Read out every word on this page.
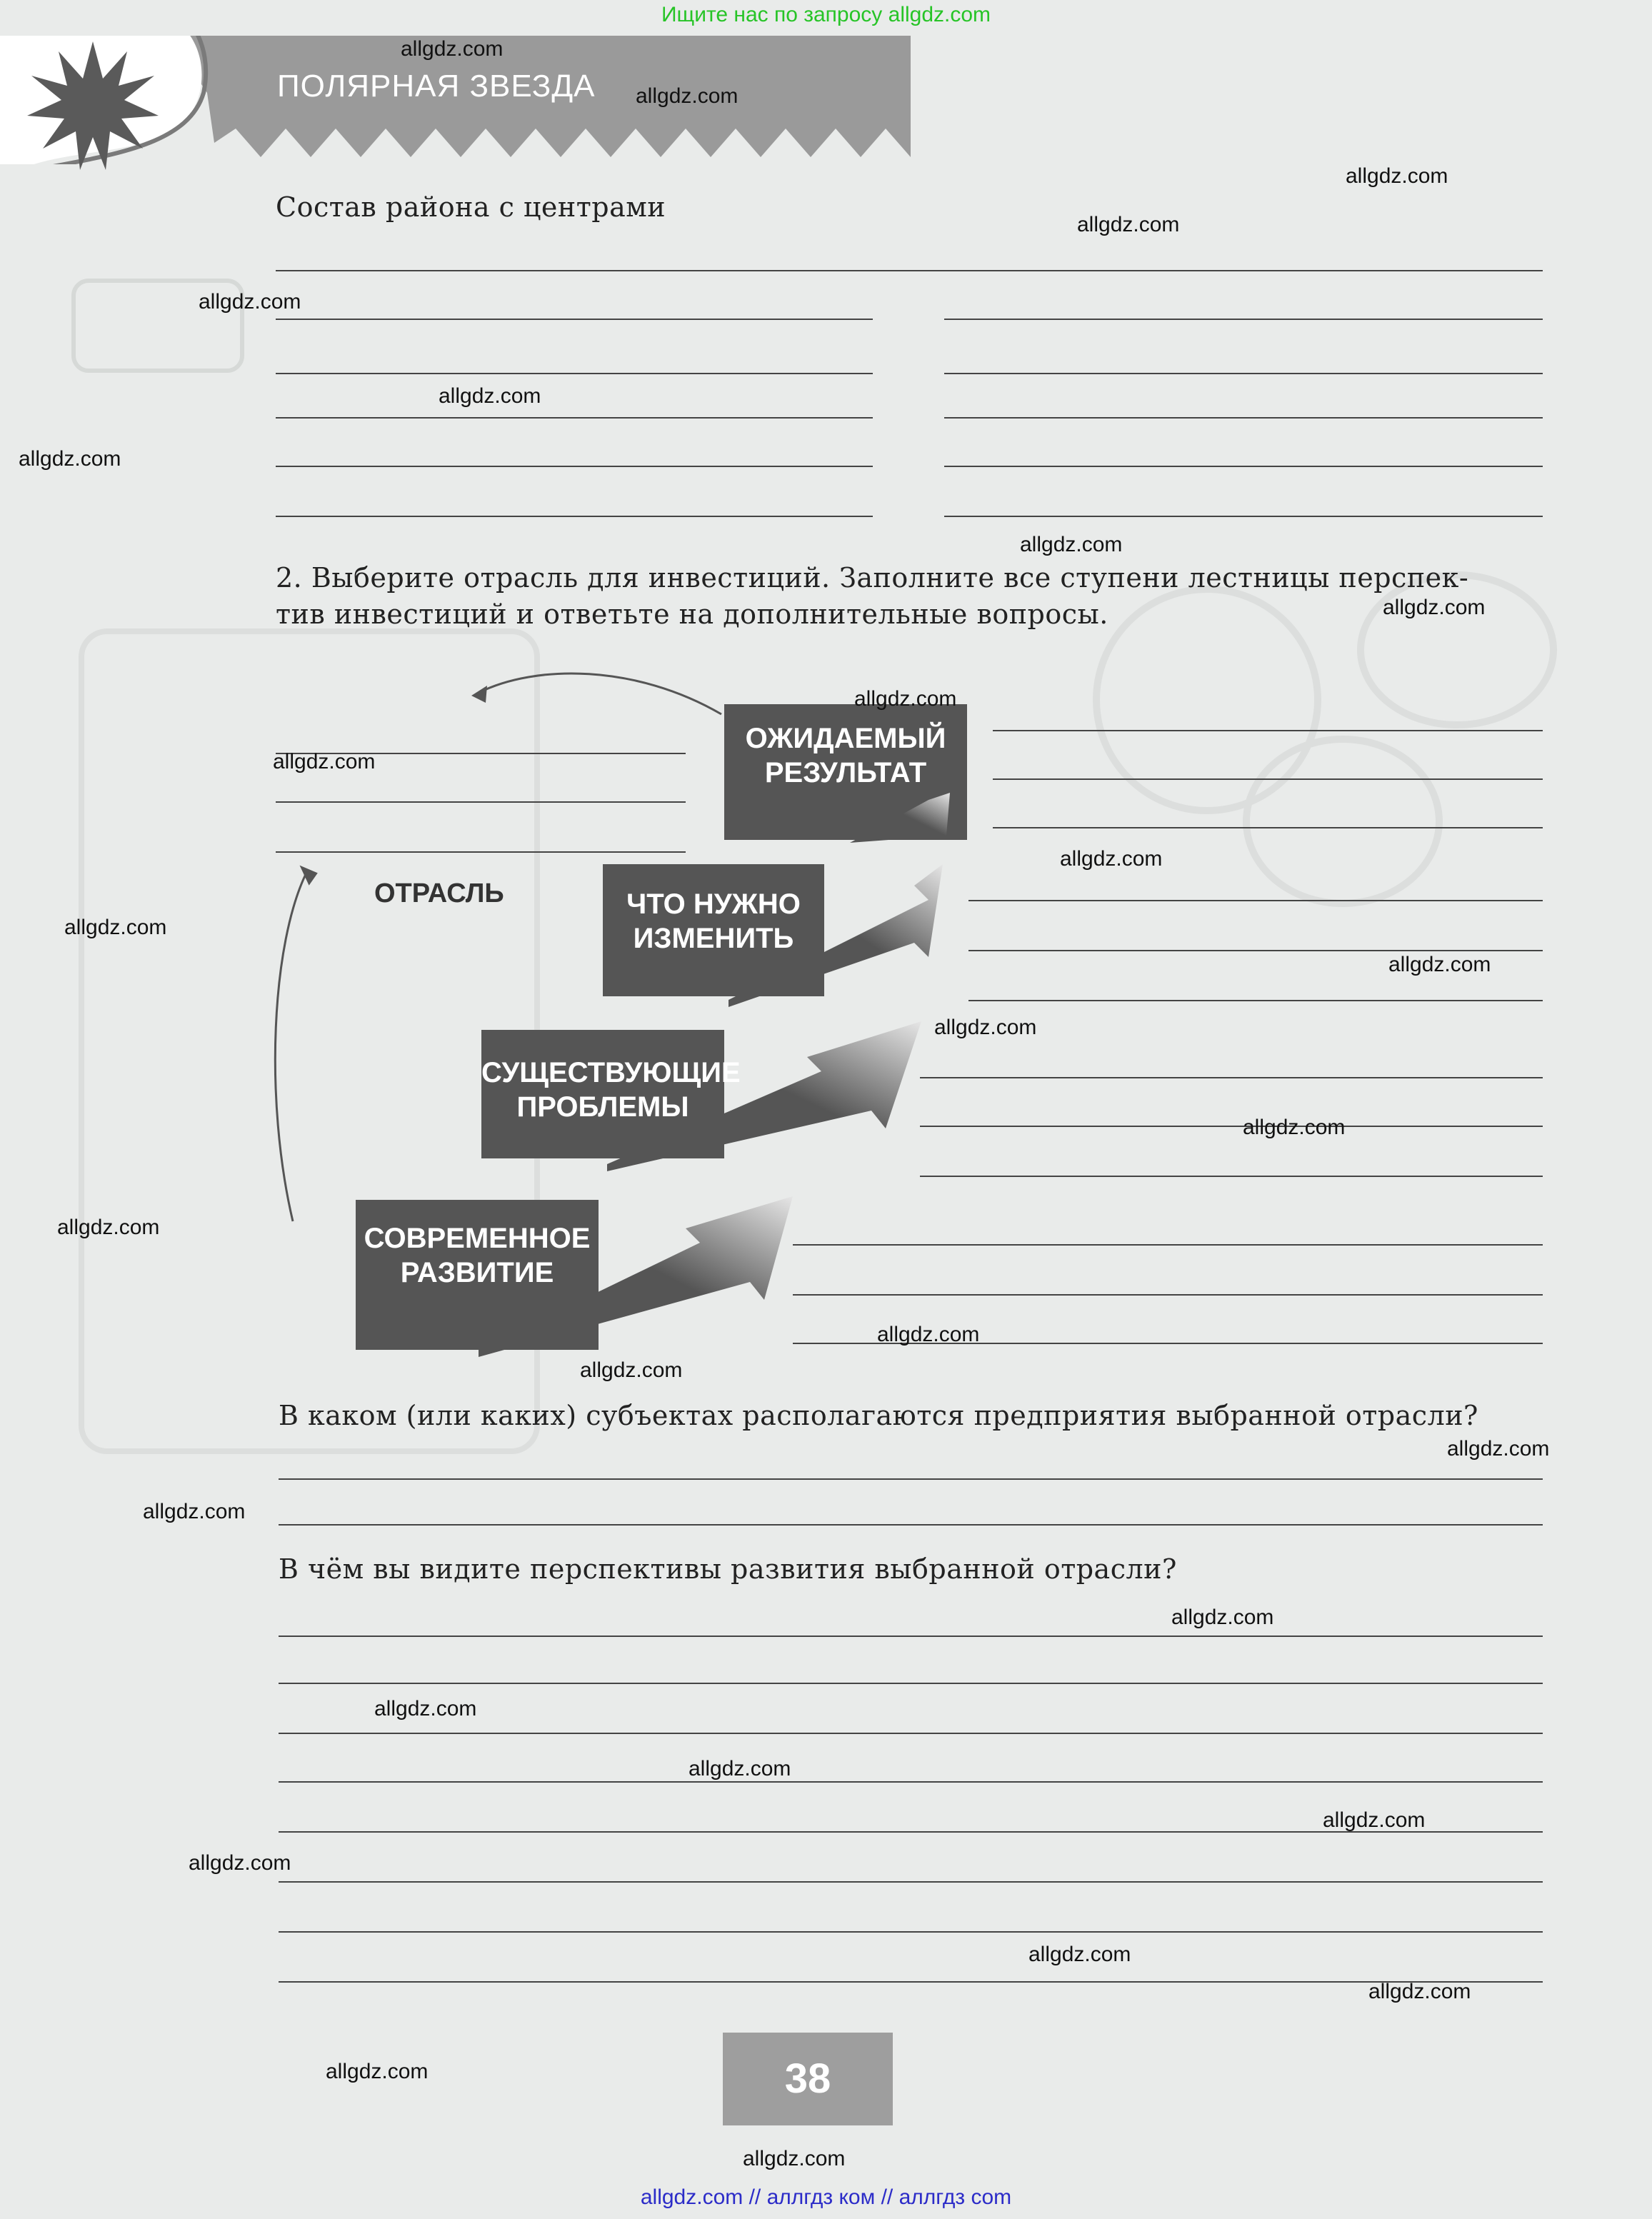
Ищите нас по запросу allgdz.com
allgdz.com // аллгдз ком // аллгдз com
ПОЛЯРНАЯ ЗВЕЗДА
Состав района с центрами
2. Выберите отрасль для инвестиций. Заполните все ступени лестницы перспек-
тив инвестиций и ответьте на дополнительные вопросы.
ОЖИДАЕМЫЙ
РЕЗУЛЬТАТ
ЧТО НУЖНО
ИЗМЕНИТЬ
СУЩЕСТВУЮЩИЕ
ПРОБЛЕМЫ
СОВРЕМЕННОЕ
РАЗВИТИЕ
ОТРАСЛЬ
В каком (или каких) субъектах располагаются предприятия выбранной отрасли?
В чём вы видите перспективы развития выбранной отрасли?
38
allgdz.com
allgdz.com
allgdz.com
allgdz.com
allgdz.com
allgdz.com
allgdz.com
allgdz.com
allgdz.com
allgdz.com
allgdz.com
allgdz.com
allgdz.com
allgdz.com
allgdz.com
allgdz.com
allgdz.com
allgdz.com
allgdz.com
allgdz.com
allgdz.com
allgdz.com
allgdz.com
allgdz.com
allgdz.com
allgdz.com
allgdz.com
allgdz.com
allgdz.com
allgdz.com
